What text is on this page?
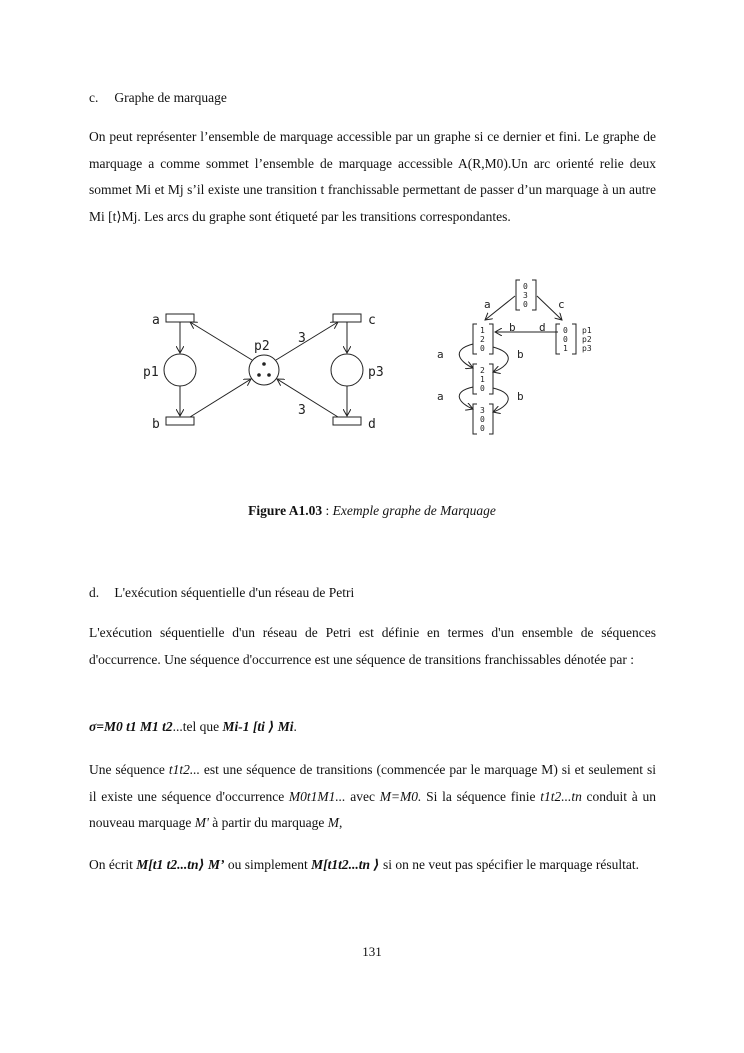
c. Graphe de marquage
On peut représenter l’ensemble de marquage accessible par un graphe si ce dernier et fini. Le graphe de marquage a comme sommet l’ensemble de marquage accessible A(R,M0).Un arc orienté relie deux sommet Mi et Mj s’il existe une transition t franchissable permettant de passer d’un marquage à un autre Mi [t⟩Mj. Les arcs du graphe sont étiqueté par les transitions correspondantes.
a
b
c
d
p1
p2
p3
3
3
0
3
0
1
2
0
0
0
1
p1
p2
p3
2
1
0
3
0
0
a	c
b d
a	b
a	b
Figure A1.03 : Exemple graphe de Marquage
d. L'exécution séquentielle d'un réseau de Petri
L'exécution séquentielle d'un réseau de Petri est définie en termes d'un ensemble de séquences d'occurrence. Une séquence d'occurrence est une séquence de transitions franchissables dénotée par :
σ=M0 t1 M1 t2...tel que Mi-1 [ti ⟩ Mi.
Une séquence t1t2... est une séquence de transitions (commencée par le marquage M) si et seulement si il existe une séquence d'occurrence M0t1M1... avec M=M0. Si la séquence finie t1t2...tn conduit à un nouveau marquage M' à partir du marquage M,
On écrit M[t1 t2...tn⟩ M’ ou simplement M[t1t2...tn ⟩ si on ne veut pas spécifier le marquage résultat.
131
